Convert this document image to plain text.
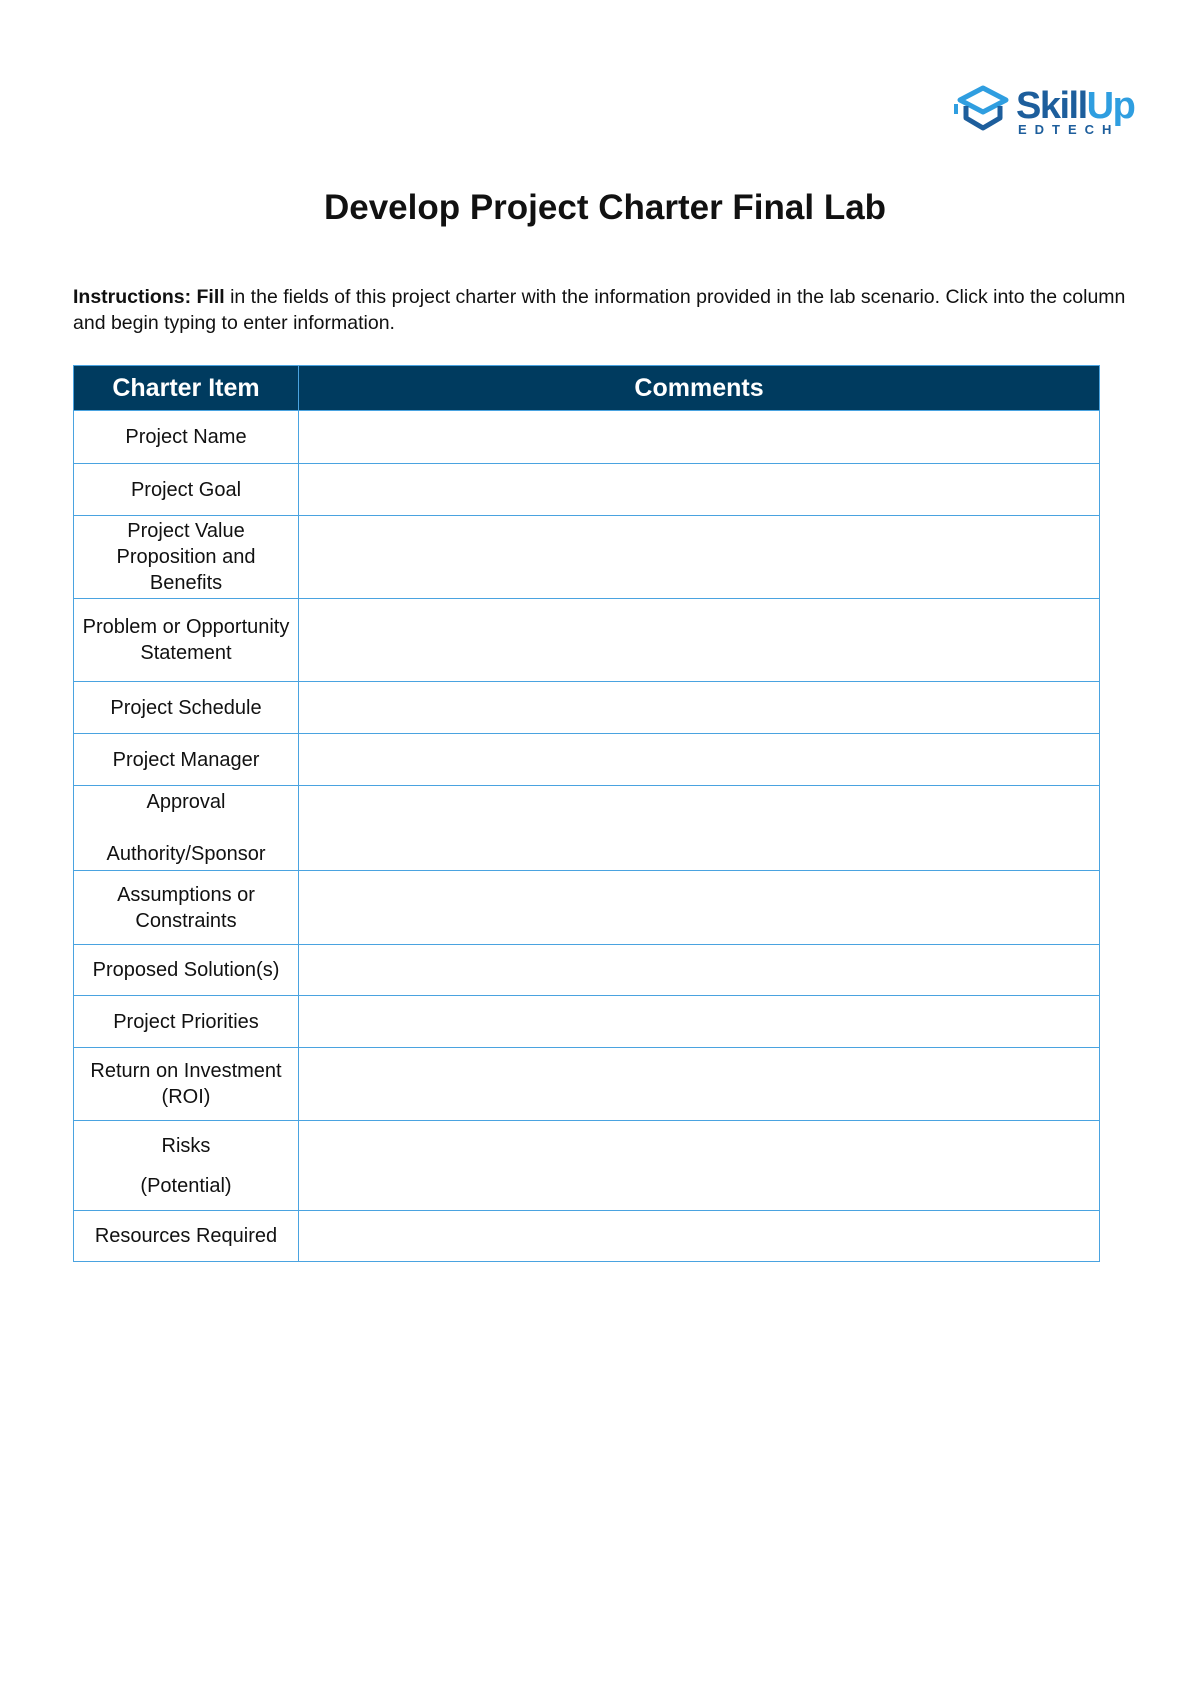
SkillUp
EDTECH
Develop Project Charter Final Lab
Instructions: Fill in the fields of this project charter with the information provided in the lab scenario. Click into the column and begin typing to enter information.
Charter Item	Comments
Project Name	
Project Goal	
Project Value Proposition and Benefits	
Problem or Opportunity Statement	
Project Schedule	
Project Manager	
Approval

Authority/Sponsor	
Assumptions or Constraints	
Proposed Solution(s)	
Project Priorities	
Return on Investment (ROI)	
Risks

(Potential)	
Resources Required	
